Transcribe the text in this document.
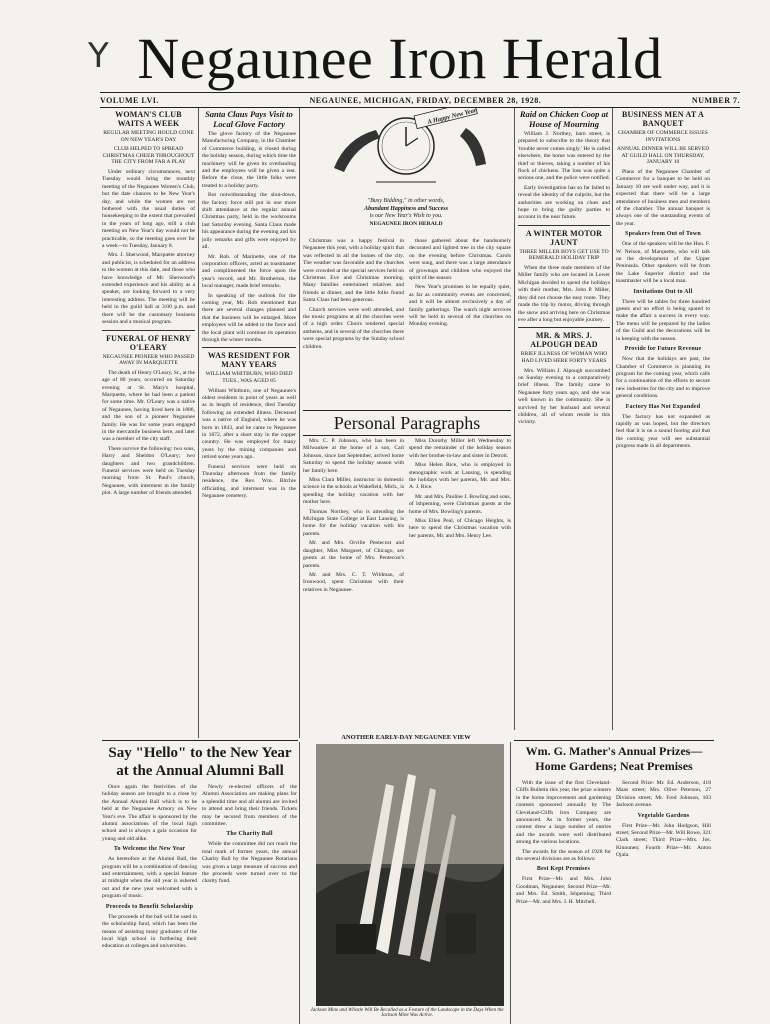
Y Negaunee Iron Herald
VOLUME LVI.	NEGAUNEE, MICHIGAN, FRIDAY, DECEMBER 28, 1928.	NUMBER 7.
WOMAN'S CLUB WAITS A WEEK
REGULAR MEETING HOULD CONE ON NEW YEAR'S DAY
CLUB HELPED TO SPREAD CHRISTMAS CHEER THROUGHOUT THE CITY FROM FAR A PLAY

Under ordinary circumstances, next Tuesday would bring the monthly meeting of the Negaunee Women's Club, but the date chances to be New Year's day, and while the women are not bothered with the usual duties of housekeeping to the extent that prevailed in the years of long ago, still a club meeting on New Year's day would not be practicable, so the meeting goes over for a week—to Tuesday, January 8.

Mrs. J. Sherwood, Marquette attorney and publicist, is scheduled for an address to the women at this date, and those who have knowledge of Mr. Sherwood's extended experience and his ability as a speaker, are looking forward to a very interesting address. The meeting will be held in the guild hall at 3:00 p.m. and there will be the customary business session and a musical program.

FUNERAL OF HENRY O'LEARY
NEGAUNEE PIONEER WHO PASSED AWAY IN MARQUETTE

The death of Henry O'Leary, Sr., at the age of 80 years, occurred on Saturday evening at St. Mary's hospital, Marquette, where he had been a patient for some time. Mr. O'Leary was a native of Negaunee, having lived here in 1886, and the son of a pioneer Negaunee family. He was for some years engaged in the mercantile business here, and later was a member of the city staff.

There survive the following: two sons, Harry and Sheldon O'Leary; two daughters and two grandchildren. Funeral services were held on Tuesday morning from St. Paul's church, Negaunee, with interment in the family plot. A large number of friends attended.

Santa Claus Pays Visit to Local Glove Factory

The glove factory of the Negaunee Manufacturing Company, in the Chamber of Commerce building, is closed during the holiday season, during which time the machinery will be given its overhauling and the employees will be given a rest. Before the close, the little folks were treated to a holiday party.

But notwithstanding the shut-down, the factory force still put in one more shift attendance at the regular annual Christmas party, held in the workrooms last Saturday evening. Santa Claus made his appearance during the evening and his jolly remarks and gifts were enjoyed by all.

Mr. Rob. of Marinette, one of the corporation officers, acted as toastmaster and complimented the force upon the year's record, and Mr. Brotherton, the local manager, made brief remarks.

In speaking of the outlook for the coming year, Mr. Rob mentioned that there are several changes planned and that the business will be enlarged. More employees will be added to the force and the local plant will continue its operation through the winter months.

WAS RESIDENT FOR MANY YEARS
WILLIAM WHITBURN, WHO DIED TUES., WAS AGED 85

William Whitburn, one of Negaunee's oldest residents in point of years as well as in length of residence, died Tuesday following an extended illness. Deceased was a native of England, where he was born in 1843, and he came to Negaunee in 1872, after a short stay in the copper country. He was employed for many years by the mining companies and retired some years ago.

Funeral services were held on Thursday afternoon from the family residence, the Rev. Wm. Ritchie officiating, and interment was in the Negaunee cemetery.

A Happy New Year
"Busy Bidding," in other words,
Abundant Happiness and Success
is our New Year's Wish to you.
NEGAUNEE IRON HERALD

Christmas was a happy festival in Negaunee this year, with a holiday spirit that was reflected in all the homes of the city. The weather was favorable and the churches were crowded at the special services held on Christmas Eve and Christmas morning. Many families entertained relatives and friends at dinner, and the little folks found Santa Claus had been generous.

Church services were well attended, and the music programs at all the churches were of a high order. Choirs rendered special anthems, and in several of the churches there were special programs by the Sunday school children.

those gathered about the handsomely decorated and lighted tree in the city square on the evening before Christmas. Carols were sung, and there was a large attendance of grownups and children who enjoyed the spirit of the season.

New Year's promises to be equally quiet, as far as community events are concerned, and it will be almost exclusively a day of family gatherings. The watch night services will be held in several of the churches on Monday evening.

Personal Paragraphs

Mrs. C. P. Johnson, who has been in Milwaukee at the home of a son, Carl Johnson, since last September, arrived home Saturday to spend the holiday season with her family here.

Miss Clara Miller, instructor in domestic science in the schools at Wakefield, Mich., is spending the holiday vacation with her mother here.

Thomas Northey, who is attending the Michigan State College at East Lansing, is home for the holiday vacation with his parents.

Mr. and Mrs. Orville Pentecost and daughter, Miss Margaret, of Chicago, are guests at the home of Mrs. Pentecost's parents.

Mr. and Mrs. C. T. Wildman, of Ironwood, spent Christmas with their relatives in Negaunee.

Miss Dorothy Miller left Wednesday to spend the remainder of the holiday season with her brother-in-law and sister in Detroit.

Miss Helen Rice, who is employed in stenographic work at Lansing, is spending the holidays with her parents, Mr. and Mrs. A. J. Rice.

Mr. and Mrs. Pauline J. Bowling and sons, of Ishpeming, were Christmas guests at the home of Mrs. Bowling's parents.

Miss Ellen Peal, of Chicago Heights, is here to spend the Christmas vacation with her parents, Mr. and Mrs. Henry Lee.

Raid on Chicken Coop at House of Mourning

William J. Northey, barn street, is prepared to subscribe to the theory that 'trouble never comes singly.' He is called elsewhere, the home was entered by the thief or thieves, taking a number of his flock of chickens. The loss was quite a serious one, and the police were notified.

Early investigation has so far failed to reveal the identity of the culprits, but the authorities are working on clues and hope to bring the guilty parties to account in the near future.

A WINTER MOTOR JAUNT
THREE MILLER BOYS GET USE TO BEMERALD HOLIDAY TRIP

When the three male members of the Miller family who are located in Lower Michigan decided to spend the holidays with their mother, Mrs. John P. Miller, they did not choose the easy route. They made the trip by motor, driving through the snow and arriving here on Christmas eve after a long but enjoyable journey.

MR. & MRS. J. ALPOUGH DEAD
BRIEF ILLNESS OF WOMAN WHO HAD LIVED HERE FORTY YEARS

Mrs. William J. Alpough succumbed on Sunday evening to a comparatively brief illness. The family came to Negaunee forty years ago, and she was well known in the community. She is survived by her husband and several children, all of whom reside in this vicinity.

BUSINESS MEN AT A BANQUET
CHAMBER OF COMMERCE ISSUES INVITATIONS
ANNUAL DINNER WILL BE SERVED AT GUILD HALL ON THURSDAY, JANUARY 10

Plans of the Negaunee Chamber of Commerce for a banquet to be held on January 10 are well under way, and it is expected that there will be a large attendance of business men and members of the chamber. The annual banquet is always one of the outstanding events of the year.

Speakers from Out of Town

One of the speakers will be the Hon. F. W. Nelson, of Marquette, who will talk on the development of the Upper Peninsula. Other speakers will be from the Lake Superior district and the toastmaster will be a local man.

Invitations Out to All

There will be tables for three hundred guests and no effort is being spared to make the affair a success in every way. The menu will be prepared by the ladies of the Guild and the decorations will be in keeping with the season.

Provide for Future Revenue

Now that the holidays are past, the Chamber of Commerce is planning its program for the coming year, which calls for a continuation of the efforts to secure new industries for the city and to improve general conditions.

Factory Has Not Expanded

The factory has not expanded as rapidly as was hoped, but the directors feel that it is on a sound footing and that the coming year will see substantial progress made in all departments.

Say "Hello" to the New Year
at the Annual Alumni Ball

Once again the festivities of the holiday season are brought to a close by the Annual Alumni Ball which is to be held at the Negaunee Armory on New Year's eve. The affair is sponsored by the alumni associations of the local high school and is always a gala occasion for young and old alike.

To Welcome the New Year

As heretofore at the Alumni Ball, the program will be a combination of dancing and entertainment, with a special feature at midnight when the old year is ushered out and the new year welcomed with a program of music.

Proceeds to Benefit Scholarship

The proceeds of the ball will be used in the scholarship fund, which has been the means of assisting many graduates of the local high school in furthering their education at colleges and universities.

Newly re-elected officers of the Alumni Association are making plans for a splendid time and all alumni are invited to attend and bring their friends. Tickets may be secured from members of the committee.

The Charity Ball

While the committee did not reach the total mark of former years, the annual Charity Ball by the Negaunee Rotarians was given a large measure of success and the proceeds were turned over to the charity fund.

ANOTHER EARLY-DAY NEGAUNEE VIEW
Jackson Mine and Whistle Will Be Recalled as a Feature of the Landscape in the Days When the Jackson Mine Was Active.
Wm. G. Mather's Annual Prizes—
Home Gardens; Neat Premises

With the issue of the first Cleveland-Cliffs Bulletin this year, the prize winners in the home improvement and gardening contests sponsored annually by The Cleveland-Cliffs Iron Company are announced. As in former years, the contest drew a large number of entries and the awards were well distributed among the various locations.

The awards for the season of 1928 for the several divisions are as follows:

Best Kept Premises

First Prize—Mr. and Mrs. John Goodman, Negaunee; Second Prize—Mr. and Mrs. Ed. Smith, Ishpeming; Third Prize—Mr. and Mrs. J. H. Mitchell.

Second Prize: Mr. Ed. Anderson, 418 Maas street; Mrs. Olive Peterson, 27 Division street; Mr. Fred Johnson, 103 Jackson avenue.

Vegetable Gardens

First Prize—Mr. John Hodgson, Hill street; Second Prize—Mr. Will Rowe, 321 Clark street; Third Prize—Mrs. Jos. Kinnunen; Fourth Prize—Mr. Anton Ojala.
